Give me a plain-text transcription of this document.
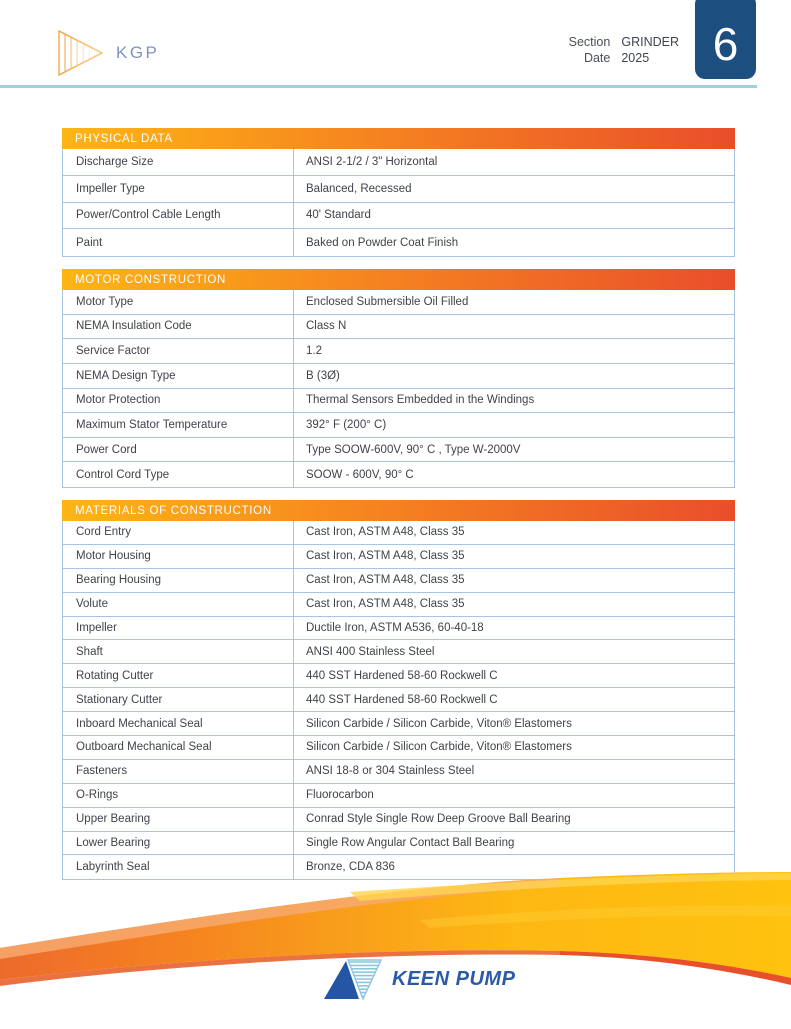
KGP
Section GRINDER
Date 2025	6
PHYSICAL DATA
Discharge Size	ANSI 2-1/2 / 3" Horizontal
Impeller Type	Balanced, Recessed
Power/Control Cable Length	40' Standard
Paint	Baked on Powder Coat Finish
MOTOR CONSTRUCTION
Motor Type	Enclosed Submersible Oil Filled
NEMA Insulation Code	Class N
Service Factor	1.2
NEMA Design Type	B (3Ø)
Motor Protection	Thermal Sensors Embedded in the Windings
Maximum Stator Temperature	392° F (200° C)
Power Cord	Type SOOW-600V, 90° C , Type W-2000V
Control Cord Type	SOOW - 600V, 90° C
MATERIALS OF CONSTRUCTION
Cord Entry	Cast Iron, ASTM A48, Class 35
Motor Housing	Cast Iron, ASTM A48, Class 35
Bearing Housing	Cast Iron, ASTM A48, Class 35
Volute	Cast Iron, ASTM A48, Class 35
Impeller	Ductile Iron, ASTM A536, 60-40-18
Shaft	ANSI 400 Stainless Steel
Rotating Cutter	440 SST Hardened 58-60 Rockwell C
Stationary Cutter	440 SST Hardened 58-60 Rockwell C
Inboard Mechanical Seal	Silicon Carbide / Silicon Carbide, Viton® Elastomers
Outboard Mechanical Seal	Silicon Carbide / Silicon Carbide, Viton® Elastomers
Fasteners	ANSI 18-8 or 304 Stainless Steel
O-Rings	Fluorocarbon
Upper Bearing	Conrad Style Single Row Deep Groove Ball Bearing
Lower Bearing	Single Row Angular Contact Ball Bearing
Labyrinth Seal	Bronze, CDA 836
KEEN PUMP
